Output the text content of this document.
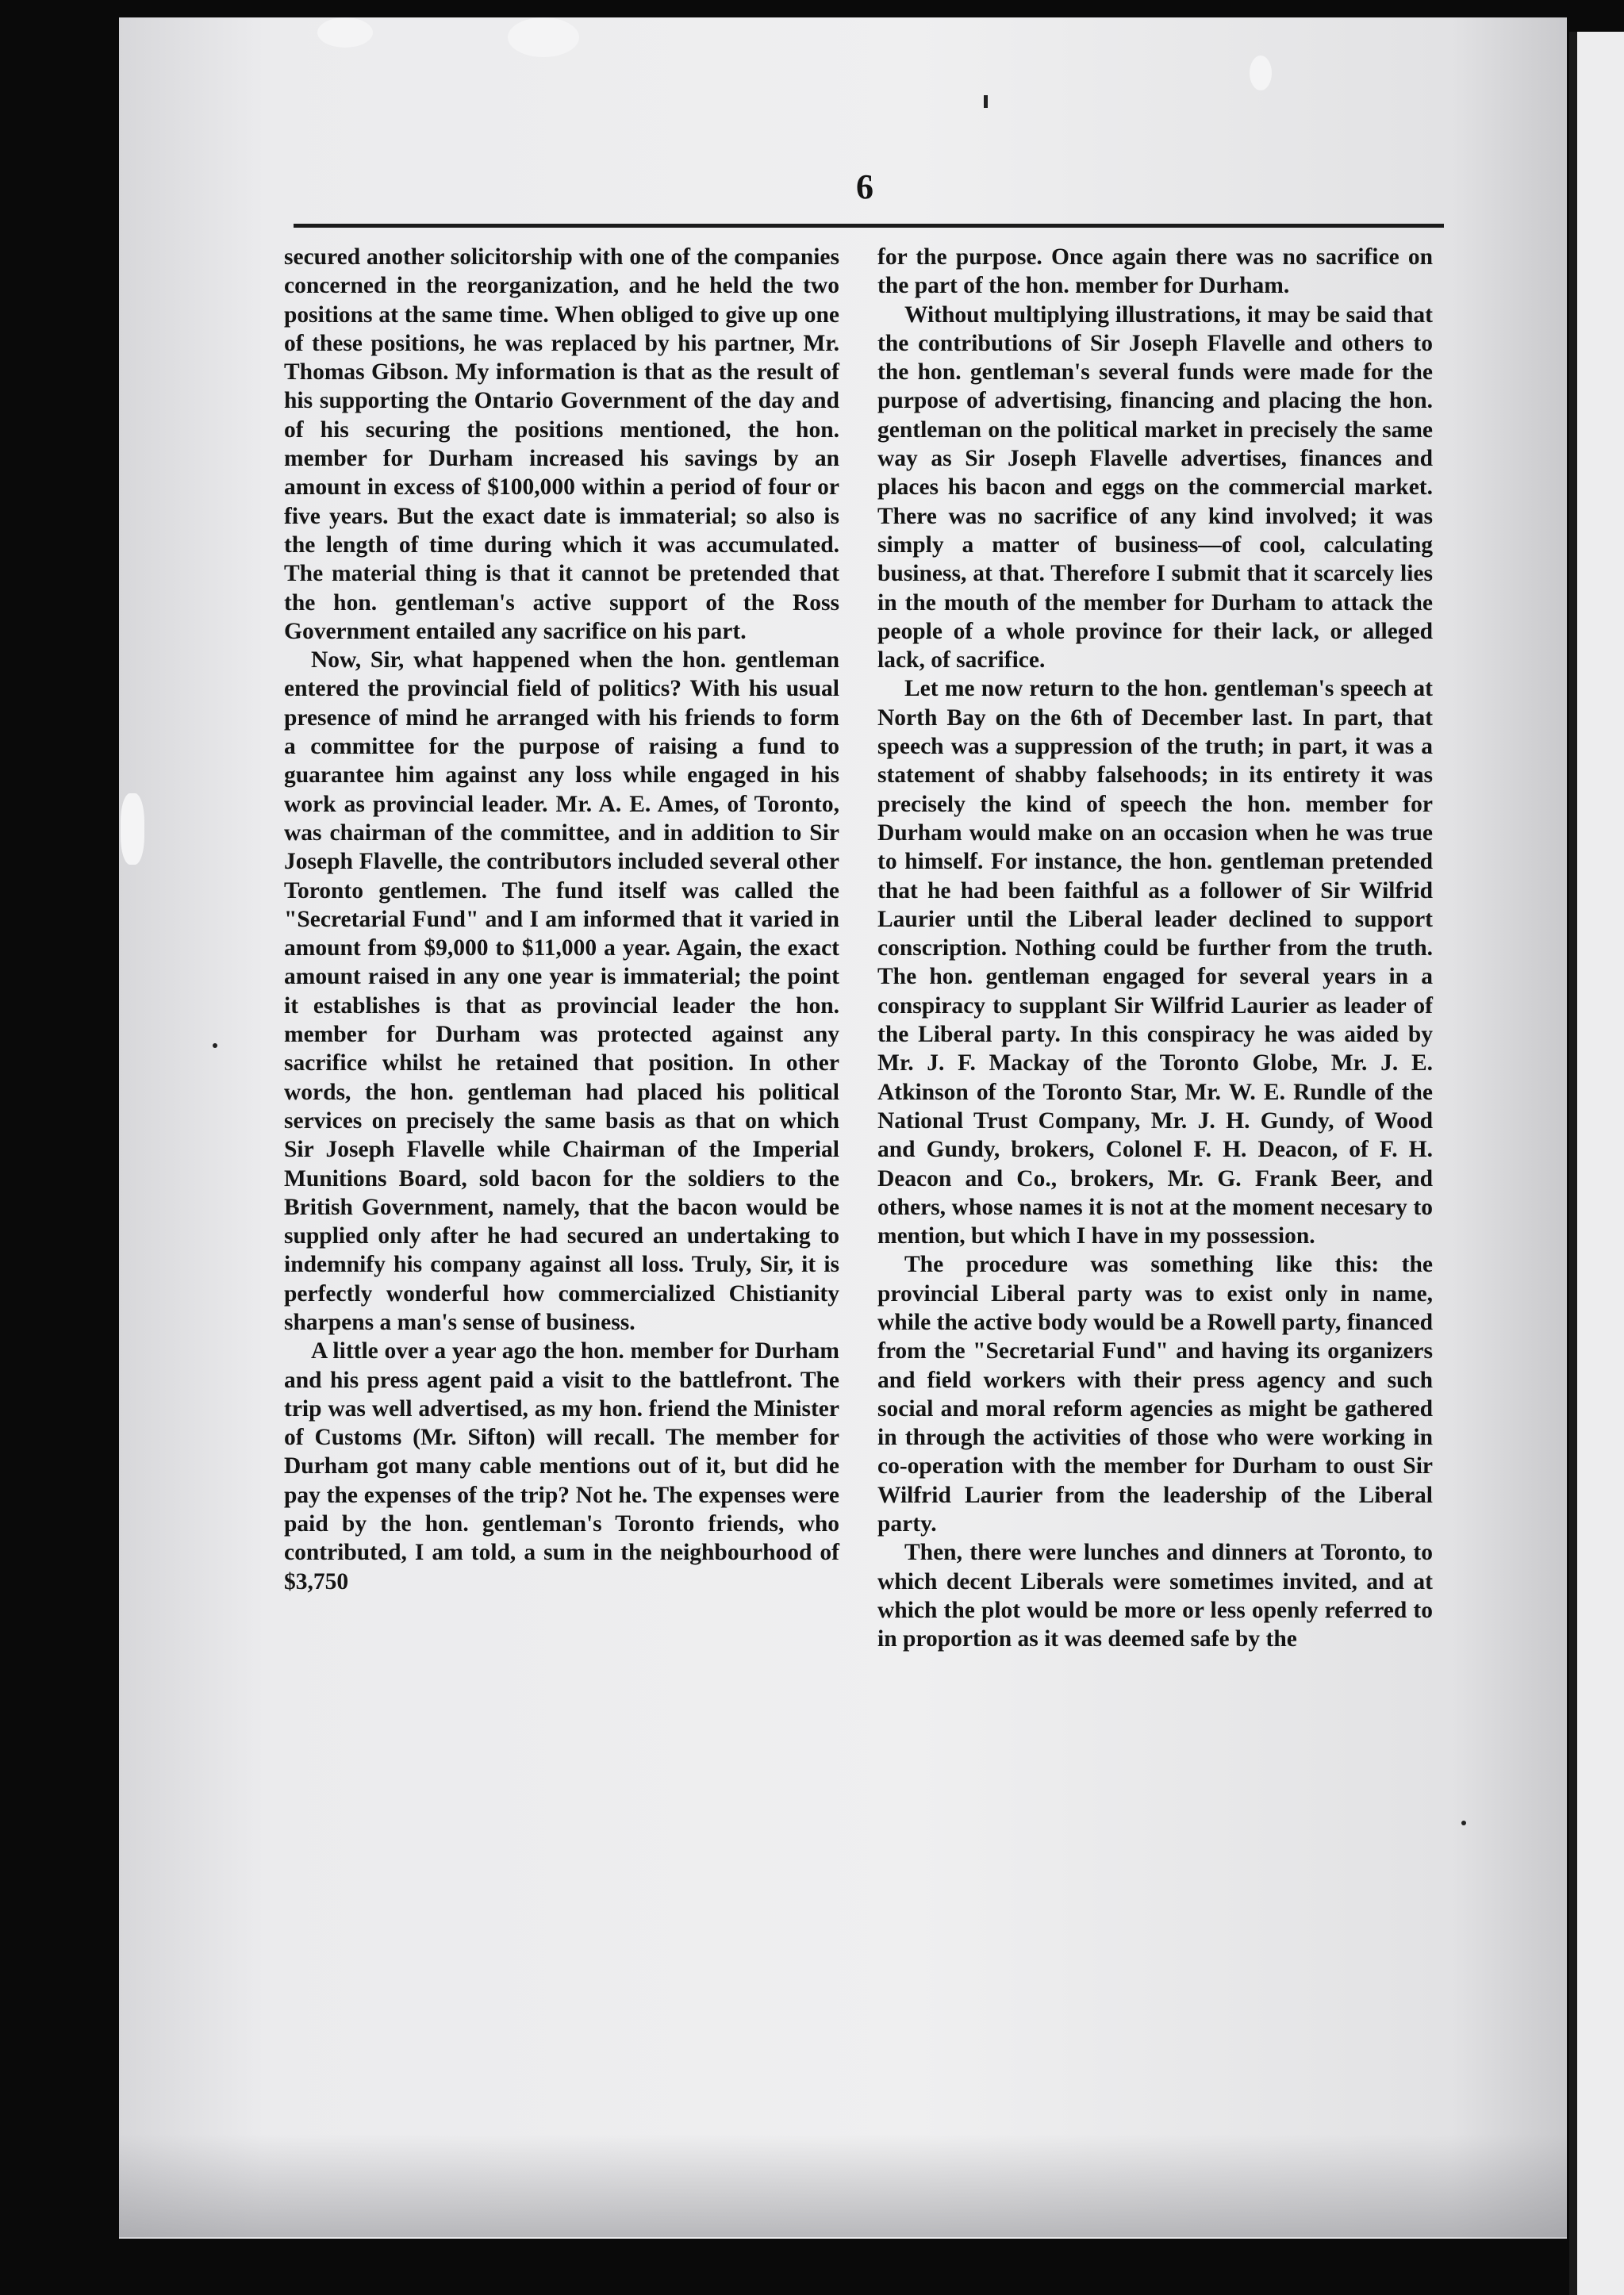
6

secured another solicitorship with one of the companies concerned in the reorganization, and he held the two positions at the same time. When obliged to give up one of these positions, he was replaced by his partner, Mr. Thomas Gibson. My information is that as the result of his supporting the Ontario Government of the day and of his securing the positions mentioned, the hon. member for Durham increased his savings by an amount in excess of $100,000 within a period of four or five years. But the exact date is immaterial; so also is the length of time during which it was accumulated. The material thing is that it cannot be pretended that the hon. gentleman's active support of the Ross Government entailed any sacrifice on his part.

Now, Sir, what happened when the hon. gentleman entered the provincial field of politics? With his usual presence of mind he arranged with his friends to form a committee for the purpose of raising a fund to guarantee him against any loss while engaged in his work as provincial leader. Mr. A. E. Ames, of Toronto, was chairman of the committee, and in addition to Sir Joseph Flavelle, the contributors included several other Toronto gentlemen. The fund itself was called the "Secretarial Fund" and I am informed that it varied in amount from $9,000 to $11,000 a year. Again, the exact amount raised in any one year is immaterial; the point it establishes is that as provincial leader the hon. member for Durham was protected against any sacrifice whilst he retained that position. In other words, the hon. gentleman had placed his political services on precisely the same basis as that on which Sir Joseph Flavelle while Chairman of the Imperial Munitions Board, sold bacon for the soldiers to the British Government, namely, that the bacon would be supplied only after he had secured an undertaking to indemnify his company against all loss. Truly, Sir, it is perfectly wonderful how commercialized Chistianity sharpens a man's sense of business.

A little over a year ago the hon. member for Durham and his press agent paid a visit to the battlefront. The trip was well advertised, as my hon. friend the Minister of Customs (Mr. Sifton) will recall. The member for Durham got many cable mentions out of it, but did he pay the expenses of the trip? Not he. The expenses were paid by the hon. gentleman's Toronto friends, who contributed, I am told, a sum in the neighbourhood of $3,750

for the purpose. Once again there was no sacrifice on the part of the hon. member for Durham.

Without multiplying illustrations, it may be said that the contributions of Sir Joseph Flavelle and others to the hon. gentleman's several funds were made for the purpose of advertising, financing and placing the hon. gentleman on the political market in precisely the same way as Sir Joseph Flavelle advertises, finances and places his bacon and eggs on the commercial market. There was no sacrifice of any kind involved; it was simply a matter of business—of cool, calculating business, at that. Therefore I submit that it scarcely lies in the mouth of the member for Durham to attack the people of a whole province for their lack, or alleged lack, of sacrifice.

Let me now return to the hon. gentleman's speech at North Bay on the 6th of December last. In part, that speech was a suppression of the truth; in part, it was a statement of shabby falsehoods; in its entirety it was precisely the kind of speech the hon. member for Durham would make on an occasion when he was true to himself. For instance, the hon. gentleman pretended that he had been faithful as a follower of Sir Wilfrid Laurier until the Liberal leader declined to support conscription. Nothing could be further from the truth. The hon. gentleman engaged for several years in a conspiracy to supplant Sir Wilfrid Laurier as leader of the Liberal party. In this conspiracy he was aided by Mr. J. F. Mackay of the Toronto Globe, Mr. J. E. Atkinson of the Toronto Star, Mr. W. E. Rundle of the National Trust Company, Mr. J. H. Gundy, of Wood and Gundy, brokers, Colonel F. H. Deacon, of F. H. Deacon and Co., brokers, Mr. G. Frank Beer, and others, whose names it is not at the moment necesary to mention, but which I have in my possession.

The procedure was something like this: the provincial Liberal party was to exist only in name, while the active body would be a Rowell party, financed from the "Secretarial Fund" and having its organizers and field workers with their press agency and such social and moral reform agencies as might be gathered in through the activities of those who were working in co-operation with the member for Durham to oust Sir Wilfrid Laurier from the leadership of the Liberal party.

Then, there were lunches and dinners at Toronto, to which decent Liberals were sometimes invited, and at which the plot would be more or less openly referred to in proportion as it was deemed safe by the
